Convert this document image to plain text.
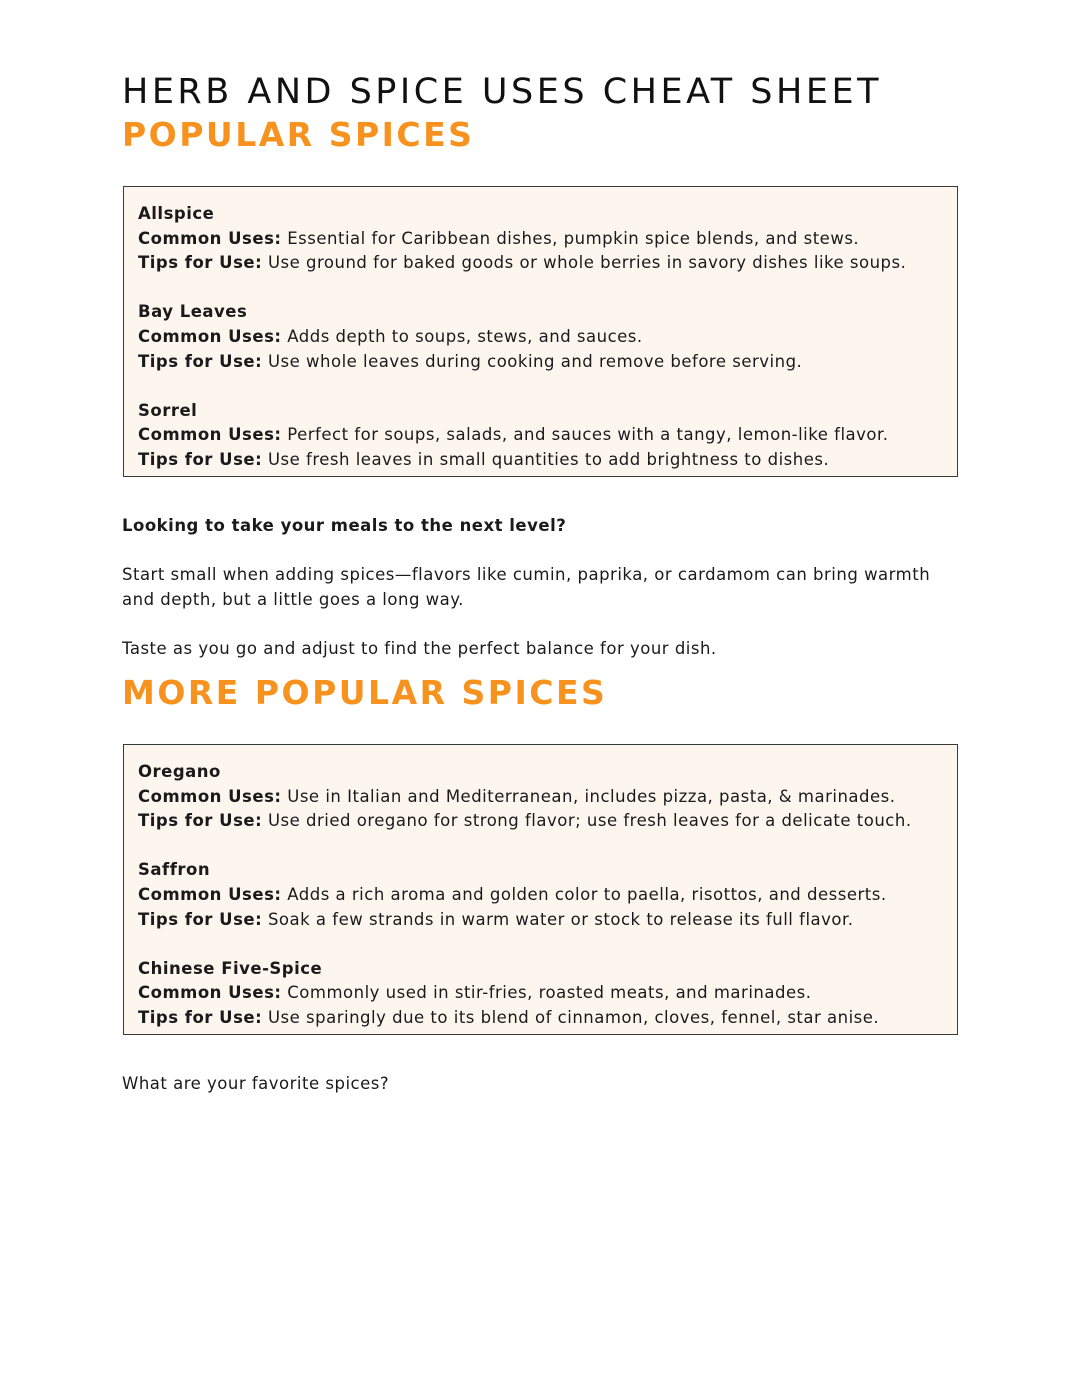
HERB AND SPICE USES CHEAT SHEET
POPULAR SPICES

Allspice

Common Uses: Essential for Caribbean dishes, pumpkin spice blends, and stews.

Tips for Use: Use ground for baked goods or whole berries in savory dishes like soups.

Bay Leaves

Common Uses: Adds depth to soups, stews, and sauces.

Tips for Use: Use whole leaves during cooking and remove before serving.

Sorrel

Common Uses: Perfect for soups, salads, and sauces with a tangy, lemon-like flavor.

Tips for Use: Use fresh leaves in small quantities to add brightness to dishes.

Looking to take your meals to the next level?

Start small when adding spices—flavors like cumin, paprika, or cardamom can bring warmth and depth, but a little goes a long way.

Taste as you go and adjust to find the perfect balance for your dish.

MORE POPULAR SPICES

Oregano

Common Uses: Use in Italian and Mediterranean, includes pizza, pasta, & marinades.

Tips for Use: Use dried oregano for strong flavor; use fresh leaves for a delicate touch.

Saffron

Common Uses: Adds a rich aroma and golden color to paella, risottos, and desserts.

Tips for Use: Soak a few strands in warm water or stock to release its full flavor.

Chinese Five-Spice

Common Uses: Commonly used in stir-fries, roasted meats, and marinades.

Tips for Use: Use sparingly due to its blend of cinnamon, cloves, fennel, star anise.

What are your favorite spices?
